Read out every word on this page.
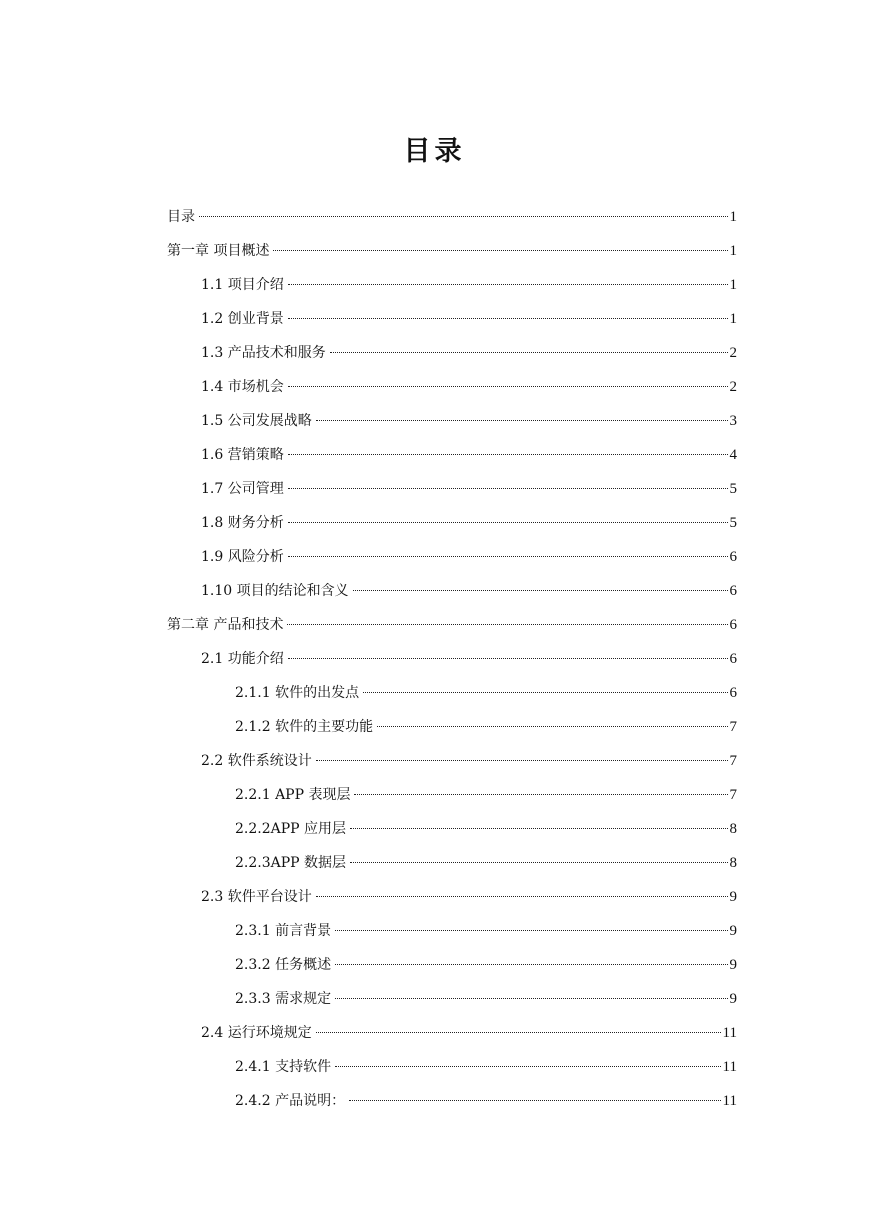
目录
目录	1
第一章 项目概述	1
1.1 项目介绍	1
1.2 创业背景	1
1.3 产品技术和服务	2
1.4 市场机会	2
1.5 公司发展战略	3
1.6 营销策略	4
1.7 公司管理	5
1.8 财务分析	5
1.9 风险分析	6
1.10 项目的结论和含义	6
第二章 产品和技术	6
2.1 功能介绍	6
2.1.1 软件的出发点	6
2.1.2 软件的主要功能	7
2.2 软件系统设计	7
2.2.1 APP 表现层	7
2.2.2APP 应用层	8
2.2.3APP 数据层	8
2.3 软件平台设计	9
2.3.1 前言背景	9
2.3.2 任务概述	9
2.3.3 需求规定	9
2.4 运行环境规定	11
2.4.1 支持软件	11
2.4.2 产品说明：	11
